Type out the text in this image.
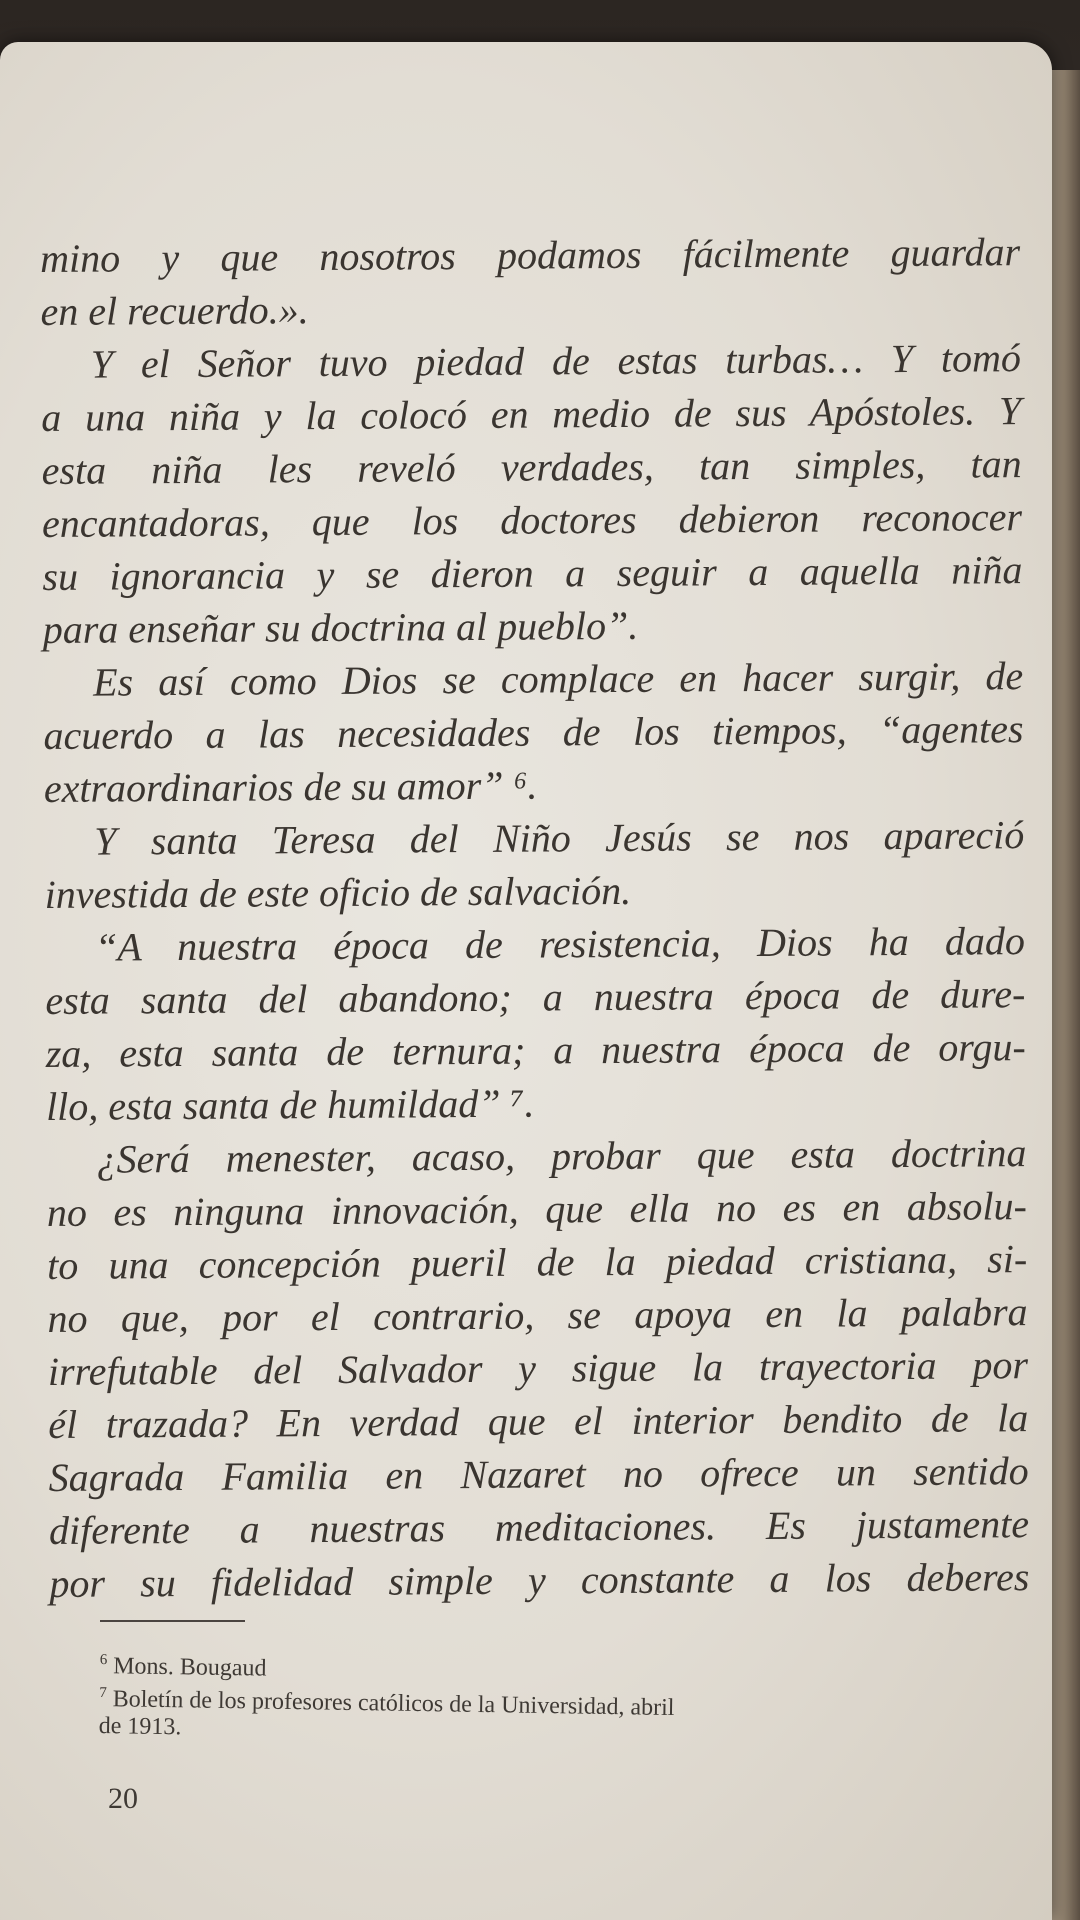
mino y que nosotros podamos fácilmente guardar
en el recuerdo.».
Y el Señor tuvo piedad de estas turbas… Y tomó
a una niña y la colocó en medio de sus Apóstoles. Y
esta niña les reveló verdades, tan simples, tan
encantadoras, que los doctores debieron reconocer
su ignorancia y se dieron a seguir a aquella niña
para enseñar su doctrina al pueblo”.
Es así como Dios se complace en hacer surgir, de
acuerdo a las necesidades de los tiempos, “agentes
extraordinarios de su amor” ⁶.
Y santa Teresa del Niño Jesús se nos apareció
investida de este oficio de salvación.
“A nuestra época de resistencia, Dios ha dado
esta santa del abandono; a nuestra época de dure-
za, esta santa de ternura; a nuestra época de orgu-
llo, esta santa de humildad” ⁷.
¿Será menester, acaso, probar que esta doctrina
no es ninguna innovación, que ella no es en absolu-
to una concepción pueril de la piedad cristiana, si-
no que, por el contrario, se apoya en la palabra
irrefutable del Salvador y sigue la trayectoria por
él trazada? En verdad que el interior bendito de la
Sagrada Familia en Nazaret no ofrece un sentido
diferente a nuestras meditaciones. Es justamente
por su fidelidad simple y constante a los deberes
$^6$ Mons. Bougaud
$^7$ Boletín de los profesores católicos de la Universidad, abril
de 1913.
20
